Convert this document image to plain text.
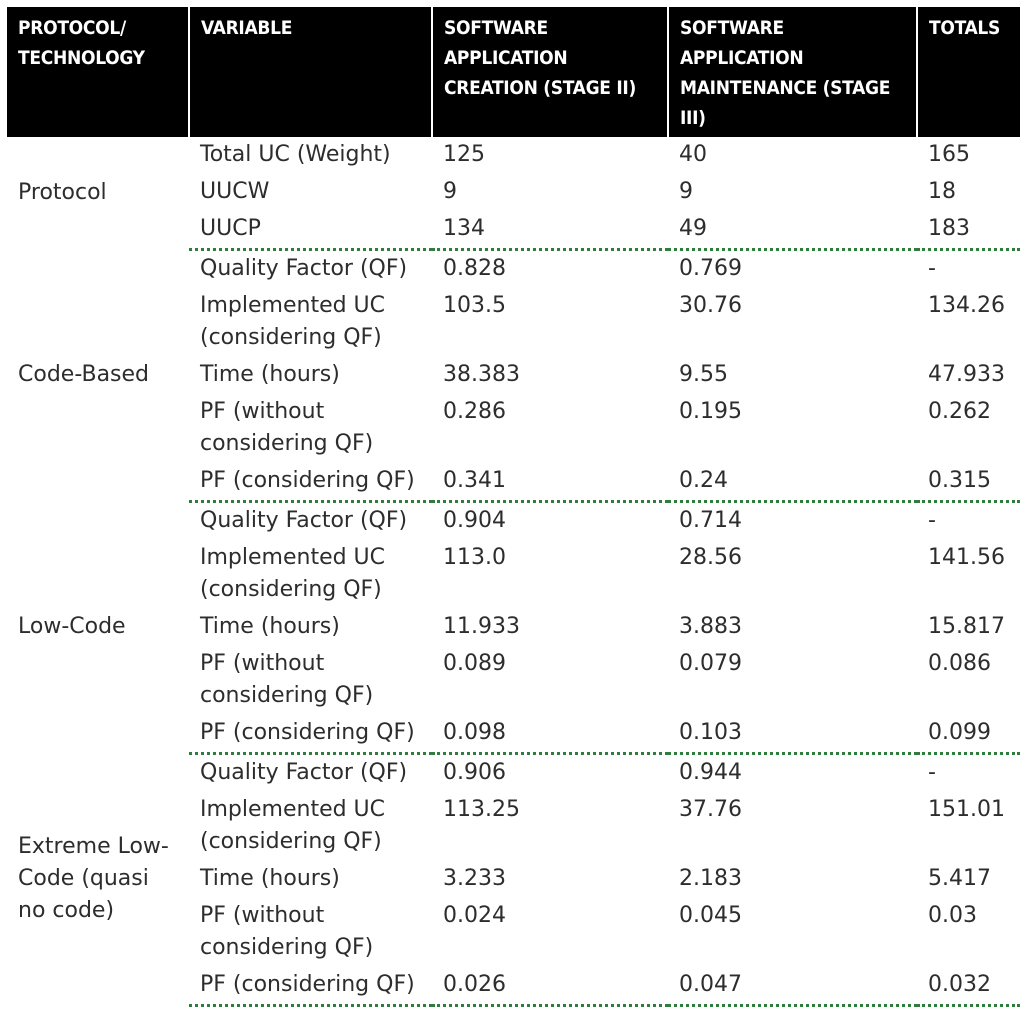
PROTOCOL/ TECHNOLOGY	VARIABLE	SOFTWARE APPLICATION CREATION (STAGE II)	SOFTWARE APPLICATION MAINTENANCE (STAGE III)	TOTALS
Protocol	Total UC (Weight)	125	40	165
	UUCW	9	9	18
	UUCP	134	49	183
Code-Based	Quality Factor (QF)	0.828	0.769	-
	Implemented UC (considering QF)	103.5	30.76	134.26
	Time (hours)	38.383	9.55	47.933
	PF (without considering QF)	0.286	0.195	0.262
	PF (considering QF)	0.341	0.24	0.315
Low-Code	Quality Factor (QF)	0.904	0.714	-
	Implemented UC (considering QF)	113.0	28.56	141.56
	Time (hours)	11.933	3.883	15.817
	PF (without considering QF)	0.089	0.079	0.086
	PF (considering QF)	0.098	0.103	0.099
Extreme Low-Code (quasi no code)	Quality Factor (QF)	0.906	0.944	-
	Implemented UC (considering QF)	113.25	37.76	151.01
	Time (hours)	3.233	2.183	5.417
	PF (without considering QF)	0.024	0.045	0.03
	PF (considering QF)	0.026	0.047	0.032
